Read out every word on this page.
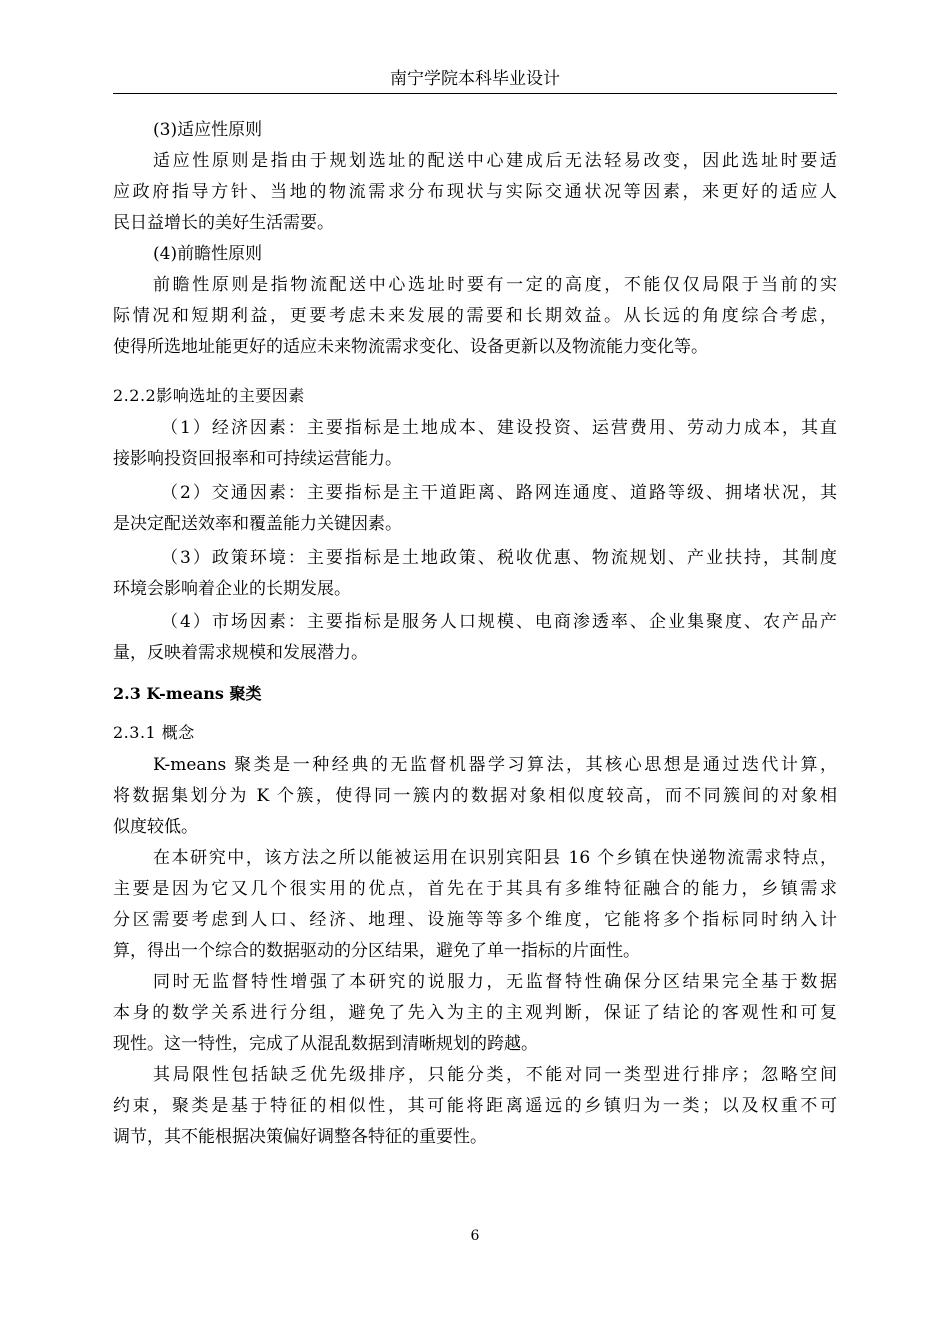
南宁学院本科毕业设计
(3)适应性原则
适应性原则是指由于规划选址的配送中心建成后无法轻易改变，因此选址时要适
应政府指导方针、当地的物流需求分布现状与实际交通状况等因素，来更好的适应人
民日益增长的美好生活需要。
(4)前瞻性原则
前瞻性原则是指物流配送中心选址时要有一定的高度，不能仅仅局限于当前的实
际情况和短期利益，更要考虑未来发展的需要和长期效益。从长远的角度综合考虑，
使得所选地址能更好的适应未来物流需求变化、设备更新以及物流能力变化等。
2.2.2影响选址的主要因素
（1）经济因素：主要指标是土地成本、建设投资、运营费用、劳动力成本，其直
接影响投资回报率和可持续运营能力。
（2）交通因素：主要指标是主干道距离、路网连通度、道路等级、拥堵状况，其
是决定配送效率和覆盖能力关键因素。
（3）政策环境：主要指标是土地政策、税收优惠、物流规划、产业扶持，其制度
环境会影响着企业的长期发展。
（4）市场因素：主要指标是服务人口规模、电商渗透率、企业集聚度、农产品产
量，反映着需求规模和发展潜力。
2.3 K-means 聚类
2.3.1 概念
K-means 聚类是一种经典的无监督机器学习算法，其核心思想是通过迭代计算，
将数据集划分为 K 个簇，使得同一簇内的数据对象相似度较高，而不同簇间的对象相
似度较低。
在本研究中，该方法之所以能被运用在识别宾阳县 16 个乡镇在快递物流需求特点，
主要是因为它又几个很实用的优点，首先在于其具有多维特征融合的能力，乡镇需求
分区需要考虑到人口、经济、地理、设施等等多个维度，它能将多个指标同时纳入计
算，得出一个综合的数据驱动的分区结果，避免了单一指标的片面性。
同时无监督特性增强了本研究的说服力，无监督特性确保分区结果完全基于数据
本身的数学关系进行分组，避免了先入为主的主观判断，保证了结论的客观性和可复
现性。这一特性，完成了从混乱数据到清晰规划的跨越。
其局限性包括缺乏优先级排序，只能分类，不能对同一类型进行排序；忽略空间
约束，聚类是基于特征的相似性，其可能将距离遥远的乡镇归为一类；以及权重不可
调节，其不能根据决策偏好调整各特征的重要性。
6
